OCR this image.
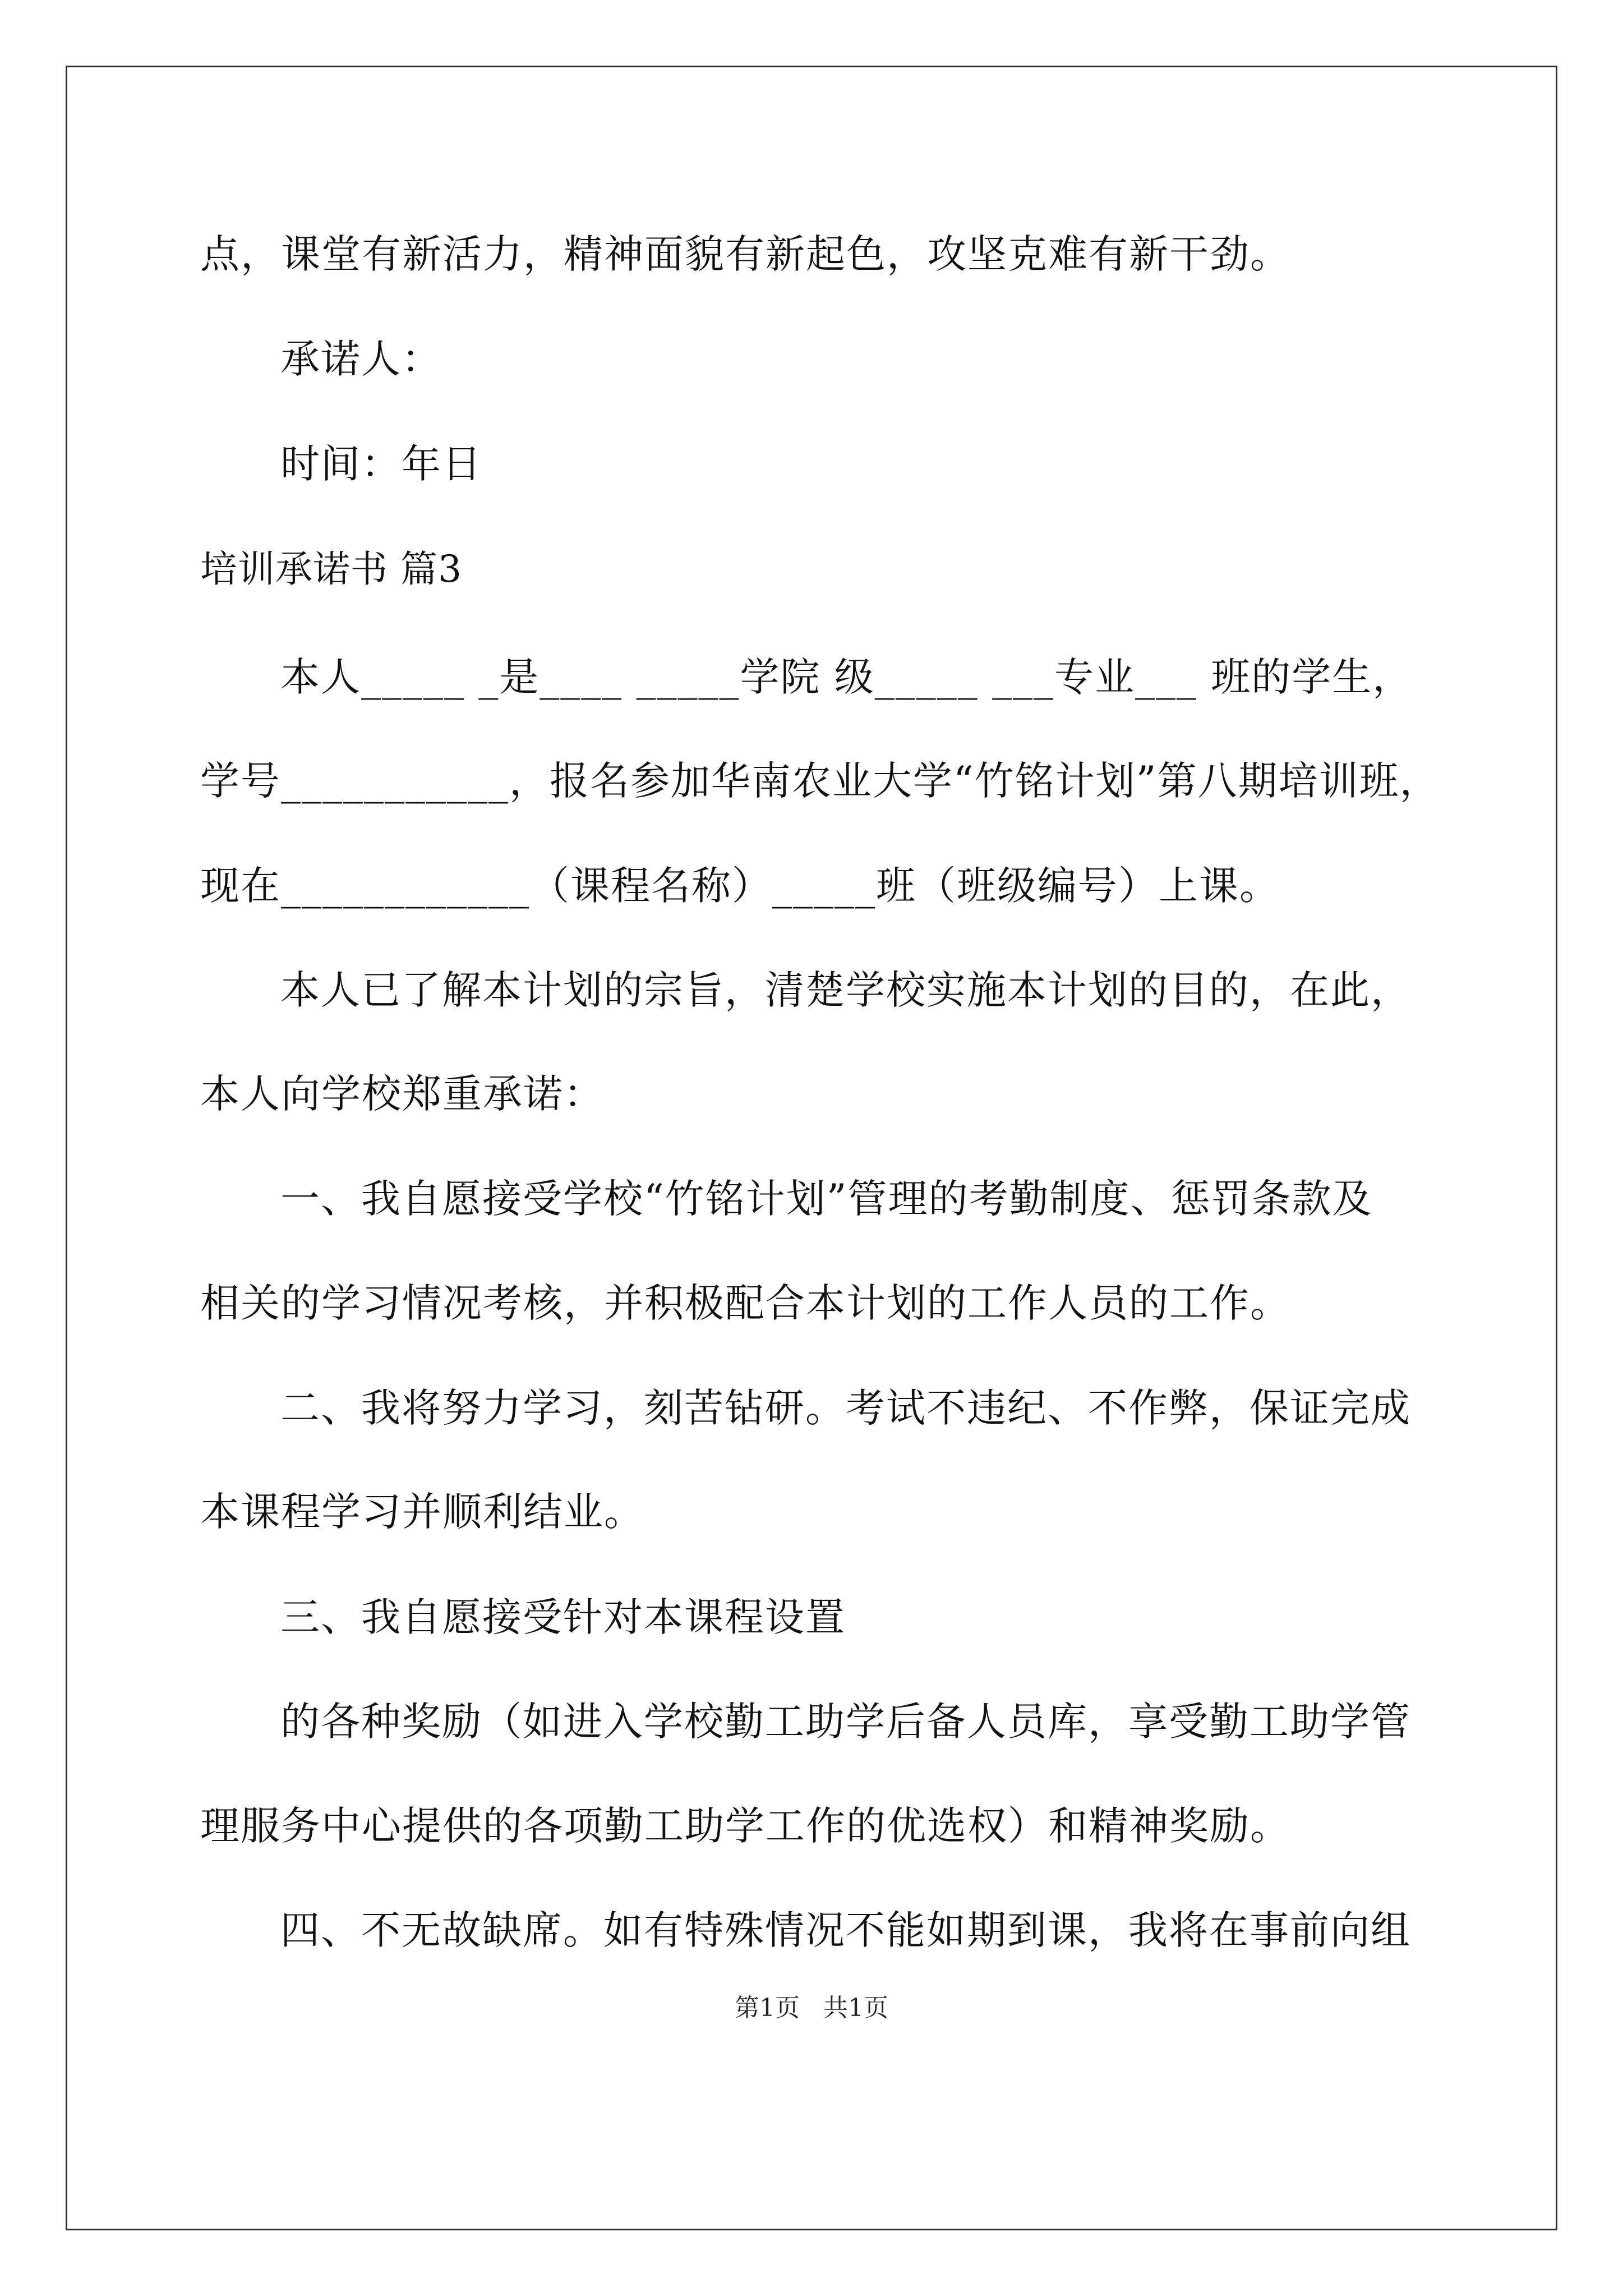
点，课堂有新活力，精神面貌有新起色，攻坚克难有新干劲。
承诺人：
时间：年日
培训承诺书 篇3
本人_____ _是____ _____学院 级_____ ___专业___ 班的学生，
学号___________，报名参加华南农业大学“竹铭计划”第八期培训班，
现在____________（课程名称）_____班（班级编号）上课。
本人已了解本计划的宗旨，清楚学校实施本计划的目的，在此，
本人向学校郑重承诺：
一、我自愿接受学校“竹铭计划”管理的考勤制度、惩罚条款及
相关的学习情况考核，并积极配合本计划的工作人员的工作。
二、我将努力学习，刻苦钻研。考试不违纪、不作弊，保证完成
本课程学习并顺利结业。
三、我自愿接受针对本课程设置
的各种奖励（如进入学校勤工助学后备人员库，享受勤工助学管
理服务中心提供的各项勤工助学工作的优选权）和精神奖励。
四、不无故缺席。如有特殊情况不能如期到课，我将在事前向组
第1页   共1页
